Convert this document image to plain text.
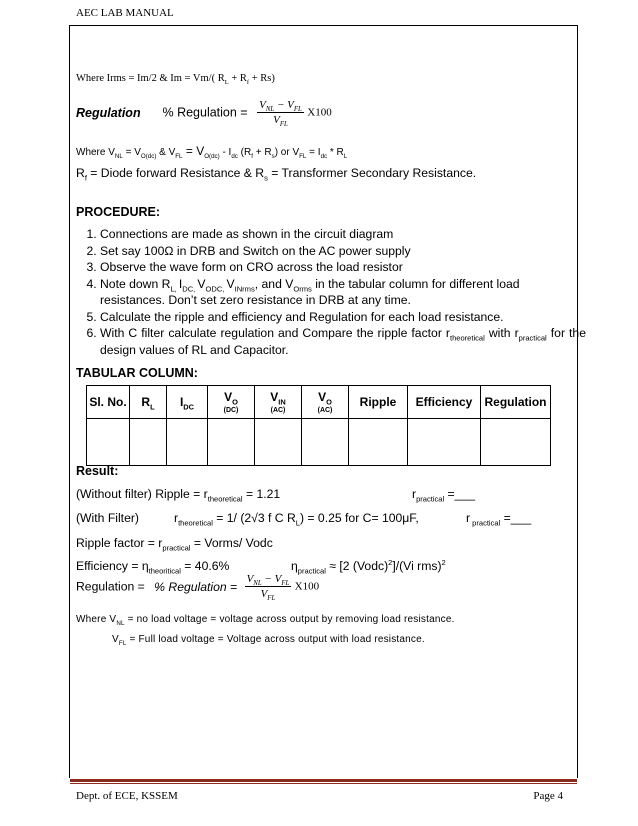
AEC LAB MANUAL
Where Irms = Im/2 & Im = Vm/( $R_L + R_f + Rs$)
Regulation % Regulation = $\frac{V_{NL} - V_{FL}}{V_{FL}} X100$
Where $V_{NL} = V_{O(dc)}$ & $V_{FL} = V_{O(dc)} - I_{dc}$ $(R_f + R_s)$ or $V_{FL} = I_{dc} * R_L$
$R_f$ = Diode forward Resistance & $R_s$ = Transformer Secondary Resistance.
PROCEDURE:
1. Connections are made as shown in the circuit diagram
2. Set say 100Ω in DRB and Switch on the AC power supply
3. Observe the wave form on CRO across the load resistor
4. Note down $R_{L,}$ $I_{DC,}$ $V_{ODC,}$ $V_{INrms}$, and $V_{Orms}$ in the tabular column for different load resistances. Don’t set zero resistance in DRB at any time.
5. Calculate the ripple and efficiency and Regulation for each load resistance.
6. With C filter calculate regulation and Compare the ripple factor $r_{theoretical}$ with $r_{practical}$ for the design values of RL and Capacitor.
TABULAR COLUMN:
Sl. No.	$R_L$	$I_{DC}$	$V_O$
(DC)	$V_{IN}$
(AC)	$V_O$
(AC)	Ripple	Efficiency	Regulation

Result:
(Without filter) Ripple = $r_{theoretical} = 1.21$	$r_{practical}$ =___
(With Filter)	$r_{theoretical} = 1/$ (2√3 f C $R_L) = 0.25$ for C= 100μF,	r $_{practical}$ =___
Ripple factor = $r_{practical}$ = Vorms/ Vodc
Efficiency = $\eta_{theoritical} = 40.6\%$	$\eta_{practical} \approx [2$ (Vodc)$^2$]/(Vi rms)$^2$
Regulation = % Regulation = $\frac{V_{NL} - V_{FL}}{V_{FL}} X100$
Where $V_{NL}$ = no load voltage = voltage across output by removing load resistance.
$V_{FL}$ = Full load voltage = Voltage across output with load resistance.
Dept. of ECE, KSSEM	Page 4
